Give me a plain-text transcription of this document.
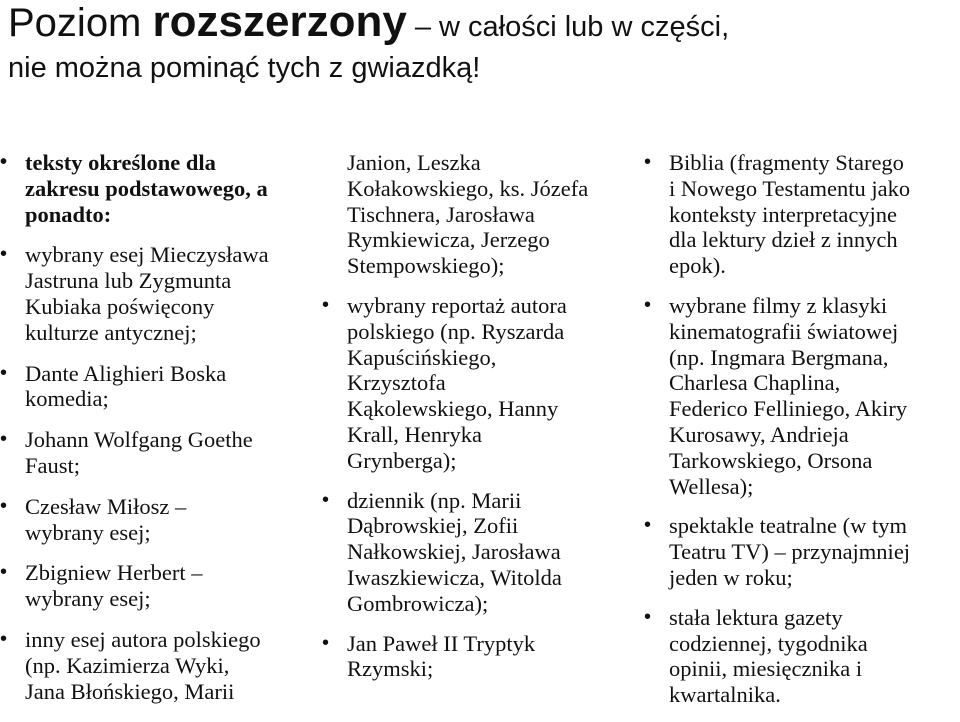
Poziom rozszerzony – w całości lub w części,
nie można pominąć tych z gwiazdką!
• teksty określone dla
zakresu podstawowego, a
ponadto:
• wybrany esej Mieczysława
Jastruna lub Zygmunta
Kubiaka poświęcony
kulturze antycznej;
• Dante Alighieri Boska
komedia;
• Johann Wolfgang Goethe
Faust;
• Czesław Miłosz –
wybrany esej;
• Zbigniew Herbert –
wybrany esej;
• inny esej autora polskiego
(np. Kazimierza Wyki,
Jana Błońskiego, Marii
Janion, Leszka
Kołakowskiego, ks. Józefa
Tischnera, Jarosława
Rymkiewicza, Jerzego
Stempowskiego);
• wybrany reportaż autora
polskiego (np. Ryszarda
Kapuścińskiego,
Krzysztofa
Kąkolewskiego, Hanny
Krall, Henryka
Grynberga);
• dziennik (np. Marii
Dąbrowskiej, Zofii
Nałkowskiej, Jarosława
Iwaszkiewicza, Witolda
Gombrowicza);
• Jan Paweł II Tryptyk
Rzymski;
• Biblia (fragmenty Starego
i Nowego Testamentu jako
konteksty interpretacyjne
dla lektury dzieł z innych
epok).
• wybrane filmy z klasyki
kinematografii światowej
(np. Ingmara Bergmana,
Charlesa Chaplina,
Federico Felliniego, Akiry
Kurosawy, Andrieja
Tarkowskiego, Orsona
Wellesa);
• spektakle teatralne (w tym
Teatru TV) – przynajmniej
jeden w roku;
• stała lektura gazety
codziennej, tygodnika
opinii, miesięcznika i
kwartalnika.
